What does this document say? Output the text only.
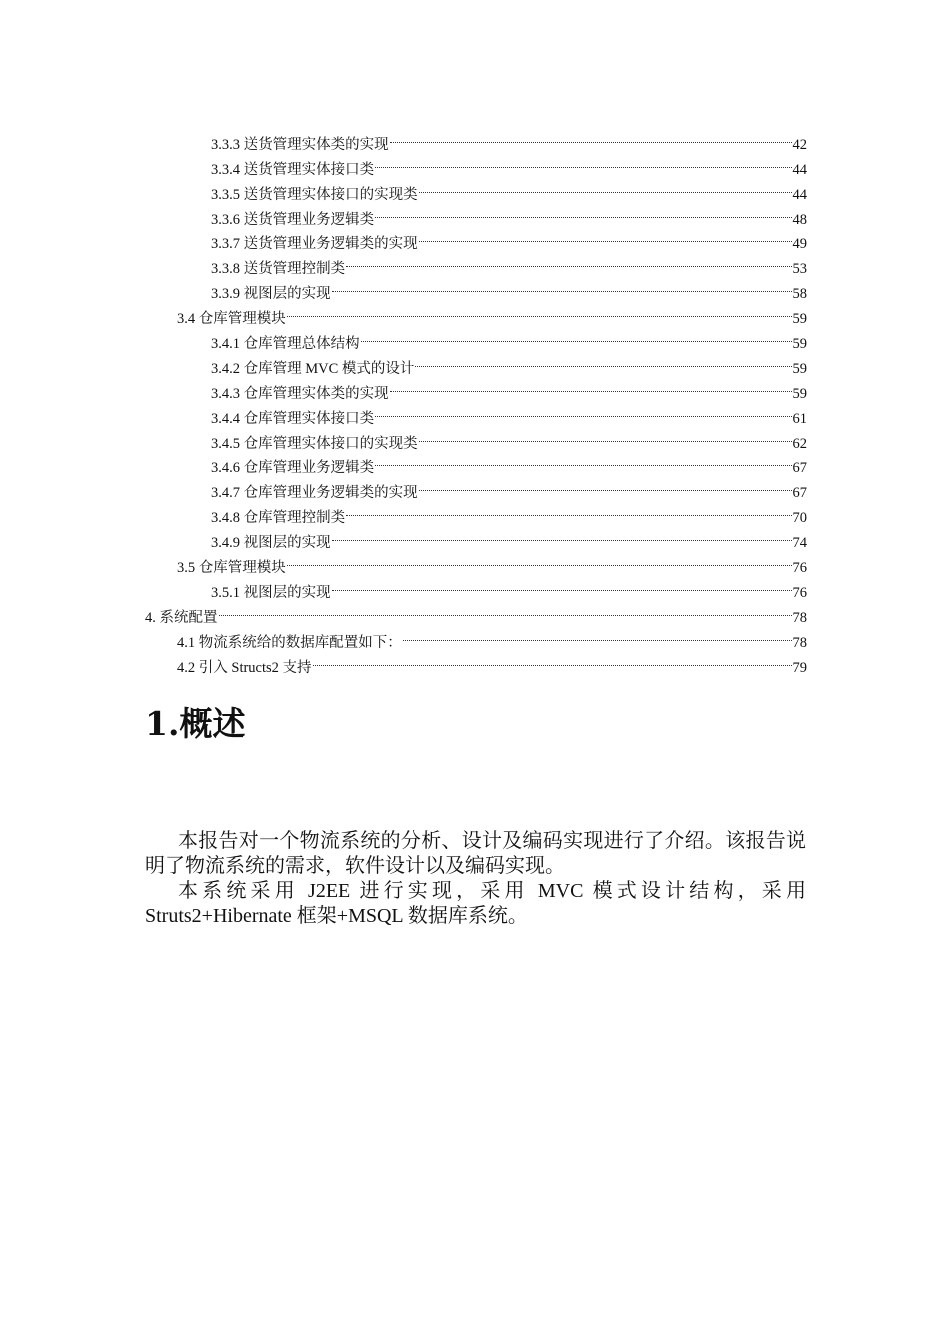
3.3.3 送货管理实体类的实现	42
3.3.4 送货管理实体接口类	44
3.3.5 送货管理实体接口的实现类	44
3.3.6 送货管理业务逻辑类	48
3.3.7 送货管理业务逻辑类的实现	49
3.3.8 送货管理控制类	53
3.3.9 视图层的实现	58
3.4 仓库管理模块	59
3.4.1 仓库管理总体结构	59
3.4.2 仓库管理 MVC 模式的设计	59
3.4.3 仓库管理实体类的实现	59
3.4.4 仓库管理实体接口类	61
3.4.5 仓库管理实体接口的实现类	62
3.4.6 仓库管理业务逻辑类	67
3.4.7 仓库管理业务逻辑类的实现	67
3.4.8 仓库管理控制类	70
3.4.9 视图层的实现	74
3.5 仓库管理模块	76
3.5.1 视图层的实现	76
4. 系统配置	78
4.1 物流系统给的数据库配置如下：	78
4.2 引入 Structs2 支持	79
1.概述

本报告对一个物流系统的分析、设计及编码实现进行了介绍。该报告说明了物流系统的需求，软件设计以及编码实现。

本系统采用 J2EE 进行实现，采用 MVC 模式设计结构，采用 Struts2+Hibernate 框架+MSQL 数据库系统。
